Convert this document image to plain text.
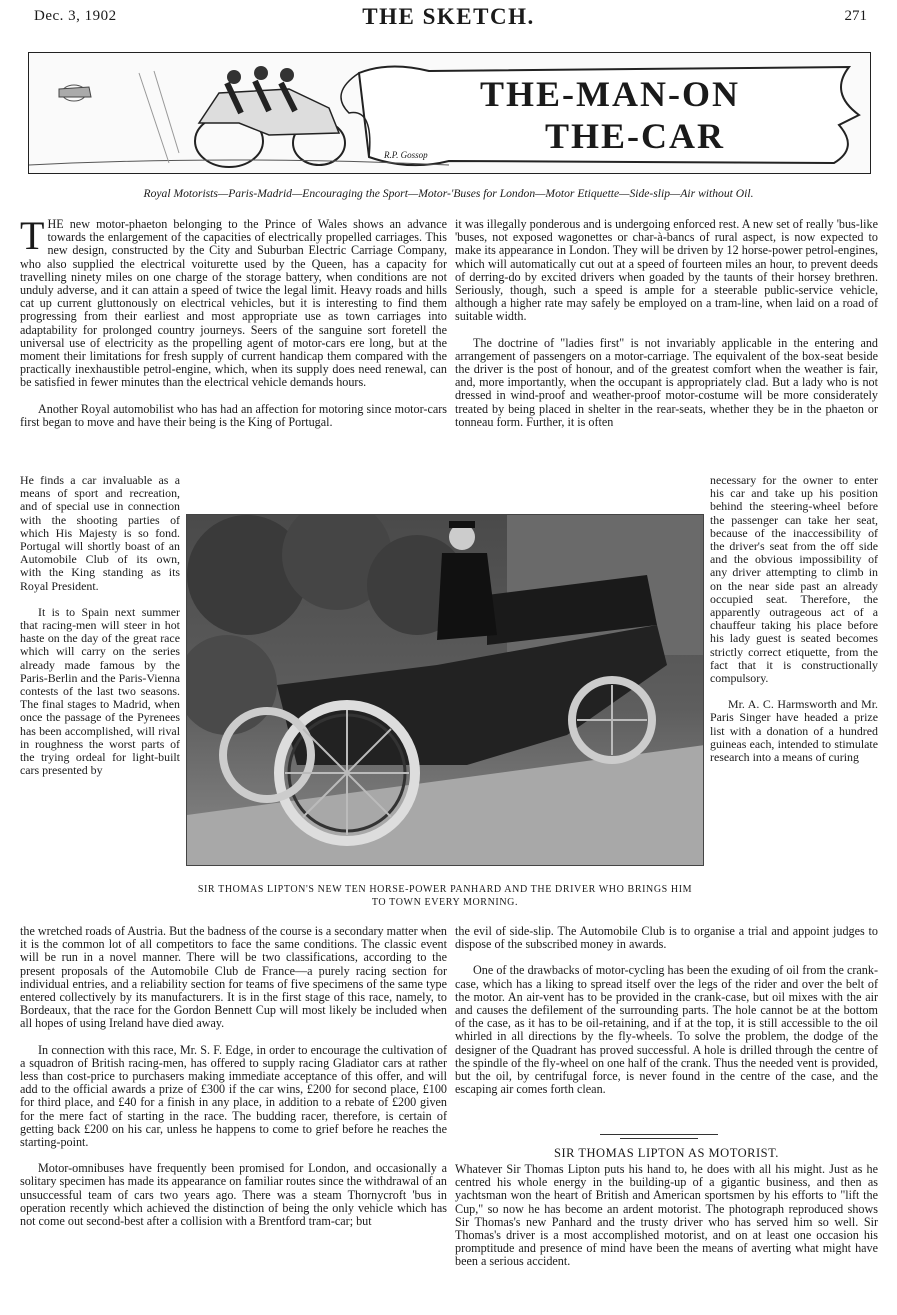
Dec. 3, 1902	THE SKETCH.	271
THE-MAN-ON
THE-CAR
R.P. Gossop
Royal Motorists—Paris-Madrid—Encouraging the Sport—Motor-'Buses for London—Motor Etiquette—Side-slip—Air without Oil.

THE new motor-phaeton belonging to the Prince of Wales shows an advance towards the enlargement of the capacities of electrically propelled carriages. This new design, constructed by the City and Suburban Electric Carriage Company, who also supplied the electrical voiturette used by the Queen, has a capacity for travelling ninety miles on one charge of the storage battery, when conditions are not unduly adverse, and it can attain a speed of twice the legal limit. Heavy roads and hills cat up current gluttonously on electrical vehicles, but it is interesting to find them progressing from their earliest and most appropriate use as town carriages into adaptability for prolonged country journeys. Seers of the sanguine sort foretell the universal use of electricity as the propelling agent of motor-cars ere long, but at the moment their limitations for fresh supply of current handicap them compared with the practically inexhaustible petrol-engine, which, when its supply does need renewal, can be satisfied in fewer minutes than the electrical vehicle demands hours.

Another Royal automobilist who has had an affection for motoring since motor-cars first began to move and have their being is the King of Portugal.

He finds a car invaluable as a means of sport and recreation, and of special use in connection with the shooting parties of which His Majesty is so fond. Portugal will shortly boast of an Automobile Club of its own, with the King standing as its Royal President.

It is to Spain next summer that racing-men will steer in hot haste on the day of the great race which will carry on the series already made famous by the Paris-Berlin and the Paris-Vienna contests of the last two seasons. The final stages to Madrid, when once the passage of the Pyrenees has been accomplished, will rival in roughness the worst parts of the trying ordeal for light-built cars presented by

it was illegally ponderous and is undergoing enforced rest. A new set of really 'bus-like 'buses, not exposed wagonettes or char-à-bancs of rural aspect, is now expected to make its appearance in London. They will be driven by 12 horse-power petrol-engines, which will automatically cut out at a speed of fourteen miles an hour, to prevent deeds of derring-do by excited drivers when goaded by the taunts of their horsey brethren. Seriously, though, such a speed is ample for a steerable public-service vehicle, although a higher rate may safely be employed on a tram-line, when laid on a road of suitable width.

The doctrine of "ladies first" is not invariably applicable in the entering and arrangement of passengers on a motor-carriage. The equivalent of the box-seat beside the driver is the post of honour, and of the greatest comfort when the weather is fair, and, more importantly, when the occupant is appropriately clad. But a lady who is not dressed in wind-proof and weather-proof motor-costume will be more considerately treated by being placed in shelter in the rear-seats, whether they be in the phaeton or tonneau form. Further, it is often

necessary for the owner to enter his car and take up his position behind the steering-wheel before the passenger can take her seat, because of the inaccessibility of the driver's seat from the off side and the obvious impossibility of any driver attempting to climb in on the near side past an already occupied seat. Therefore, the apparently outrageous act of a chauffeur taking his place before his lady guest is seated becomes strictly correct etiquette, from the fact that it is constructionally compulsory.

Mr. A. C. Harmsworth and Mr. Paris Singer have headed a prize list with a donation of a hundred guineas each, intended to stimulate research into a means of curing

SIR THOMAS LIPTON'S NEW TEN HORSE-POWER PANHARD AND THE DRIVER WHO BRINGS HIM TO TOWN EVERY MORNING.

the wretched roads of Austria. But the badness of the course is a secondary matter when it is the common lot of all competitors to face the same conditions. The classic event will be run in a novel manner. There will be two classifications, according to the present proposals of the Automobile Club de France—a purely racing section for individual entries, and a reliability section for teams of five specimens of the same type entered collectively by its manufacturers. It is in the first stage of this race, namely, to Bordeaux, that the race for the Gordon Bennett Cup will most likely be included when all hopes of using Ireland have died away.

In connection with this race, Mr. S. F. Edge, in order to encourage the cultivation of a squadron of British racing-men, has offered to supply racing Gladiator cars at rather less than cost-price to purchasers making immediate acceptance of this offer, and will add to the official awards a prize of £300 if the car wins, £200 for second place, £100 for third place, and £40 for a finish in any place, in addition to a rebate of £200 given for the mere fact of starting in the race. The budding racer, therefore, is certain of getting back £200 on his car, unless he happens to come to grief before he reaches the starting-point.

Motor-omnibuses have frequently been promised for London, and occasionally a solitary specimen has made its appearance on familiar routes since the withdrawal of an unsuccessful team of cars two years ago. There was a steam Thornycroft 'bus in operation recently which achieved the distinction of being the only vehicle which has not come out second-best after a collision with a Brentford tram-car; but

the evil of side-slip. The Automobile Club is to organise a trial and appoint judges to dispose of the subscribed money in awards.

One of the drawbacks of motor-cycling has been the exuding of oil from the crank-case, which has a liking to spread itself over the legs of the rider and over the belt of the motor. An air-vent has to be provided in the crank-case, but oil mixes with the air and causes the defilement of the surrounding parts. The hole cannot be at the bottom of the case, as it has to be oil-retaining, and if at the top, it is still accessible to the oil whirled in all directions by the fly-wheels. To solve the problem, the dodge of the designer of the Quadrant has proved successful. A hole is drilled through the centre of the spindle of the fly-wheel on one half of the crank. Thus the needed vent is provided, but the oil, by centrifugal force, is never found in the centre of the case, and the escaping air comes forth clean.

SIR THOMAS LIPTON AS MOTORIST.

Whatever Sir Thomas Lipton puts his hand to, he does with all his might. Just as he centred his whole energy in the building-up of a gigantic business, and then as yachtsman won the heart of British and American sportsmen by his efforts to "lift the Cup," so now he has become an ardent motorist. The photograph reproduced shows Sir Thomas's new Panhard and the trusty driver who has served him so well. Sir Thomas's driver is a most accomplished motorist, and on at least one occasion his promptitude and presence of mind have been the means of averting what might have been a serious accident.
